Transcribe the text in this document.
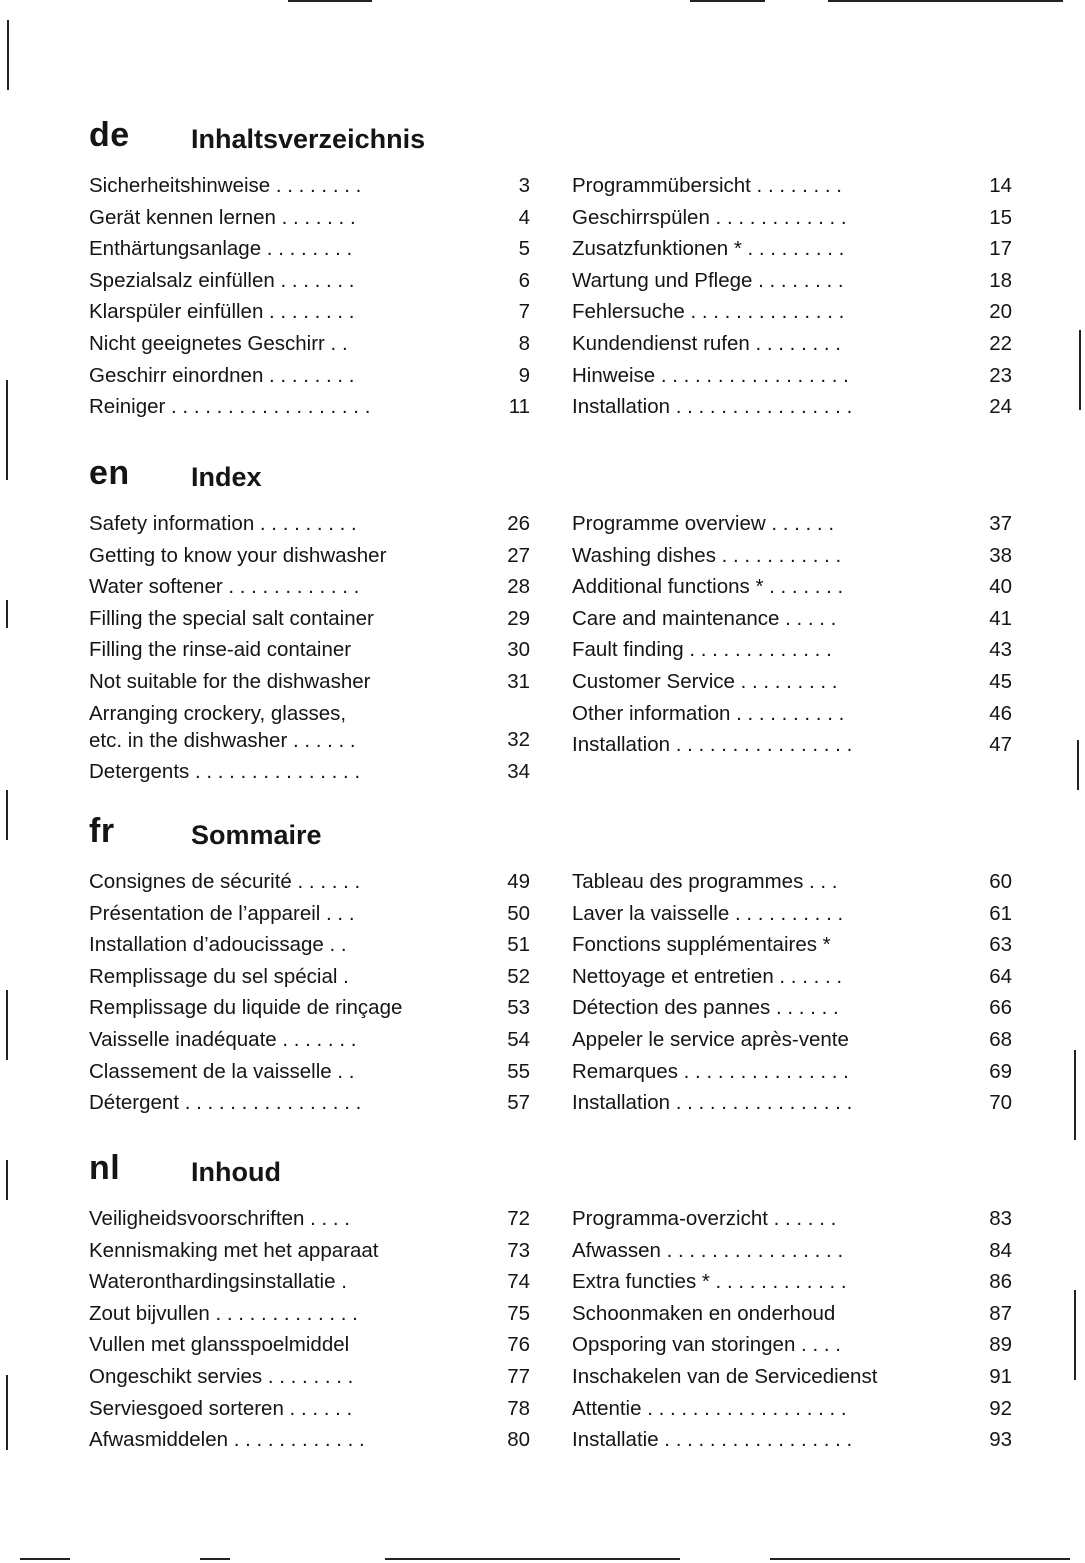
de Inhaltsverzeichnis
Sicherheitshinweise . . . . . . . .	3
Gerät kennen lernen . . . . . . .	4
Enthärtungsanlage . . . . . . . .	5
Spezialsalz einfüllen . . . . . . .	6
Klarspüler einfüllen . . . . . . . .	7
Nicht geeignetes Geschirr . .	8
Geschirr einordnen . . . . . . . .	9
Reiniger . . . . . . . . . . . . . . . . . .	11
Programmübersicht . . . . . . . .	14
Geschirrspülen . . . . . . . . . . . .	15
Zusatzfunktionen * . . . . . . . . .	17
Wartung und Pflege . . . . . . . .	18
Fehlersuche . . . . . . . . . . . . . .	20
Kundendienst rufen . . . . . . . .	22
Hinweise . . . . . . . . . . . . . . . . .	23
Installation . . . . . . . . . . . . . . . .	24
en Index
Safety information . . . . . . . . .	26
Getting to know your dishwasher	27
Water softener . . . . . . . . . . . .	28
Filling the special salt container	29
Filling the rinse-aid container	30
Not suitable for the dishwasher	31
Arranging crockery, glasses,
etc. in the dishwasher . . . . . .	32
Detergents . . . . . . . . . . . . . . .	34
Programme overview . . . . . .	37
Washing dishes . . . . . . . . . . .	38
Additional functions * . . . . . . .	40
Care and maintenance . . . . .	41
Fault finding . . . . . . . . . . . . .	43
Customer Service . . . . . . . . .	45
Other information . . . . . . . . . .	46
Installation . . . . . . . . . . . . . . . .	47
fr	Sommaire
Consignes de sécurité . . . . . .	49
Présentation de l’appareil . . .	50
Installation d’adoucissage . .	51
Remplissage du sel spécial .	52
Remplissage du liquide de rinçage	53
Vaisselle inadéquate . . . . . . .	54
Classement de la vaisselle . .	55
Détergent . . . . . . . . . . . . . . . .	57
Tableau des programmes . . .	60
Laver la vaisselle . . . . . . . . . .	61
Fonctions supplémentaires *	63
Nettoyage et entretien . . . . . .	64
Détection des pannes . . . . . .	66
Appeler le service après-vente	68
Remarques . . . . . . . . . . . . . . .	69
Installation . . . . . . . . . . . . . . . .	70
nl	Inhoud
Veiligheidsvoorschriften . . . .	72
Kennismaking met het apparaat	73
Wateronthardingsinstallatie .	74
Zout bijvullen . . . . . . . . . . . . .	75
Vullen met glansspoelmiddel	76
Ongeschikt servies . . . . . . . .	77
Serviesgoed sorteren . . . . . .	78
Afwasmiddelen . . . . . . . . . . . .	80
Programma-overzicht . . . . . .	83
Afwassen . . . . . . . . . . . . . . . .	84
Extra functies * . . . . . . . . . . . .	86
Schoonmaken en onderhoud	87
Opsporing van storingen . . . .	89
Inschakelen van de Servicedienst	91
Attentie . . . . . . . . . . . . . . . . . .	92
Installatie . . . . . . . . . . . . . . . . .	93
